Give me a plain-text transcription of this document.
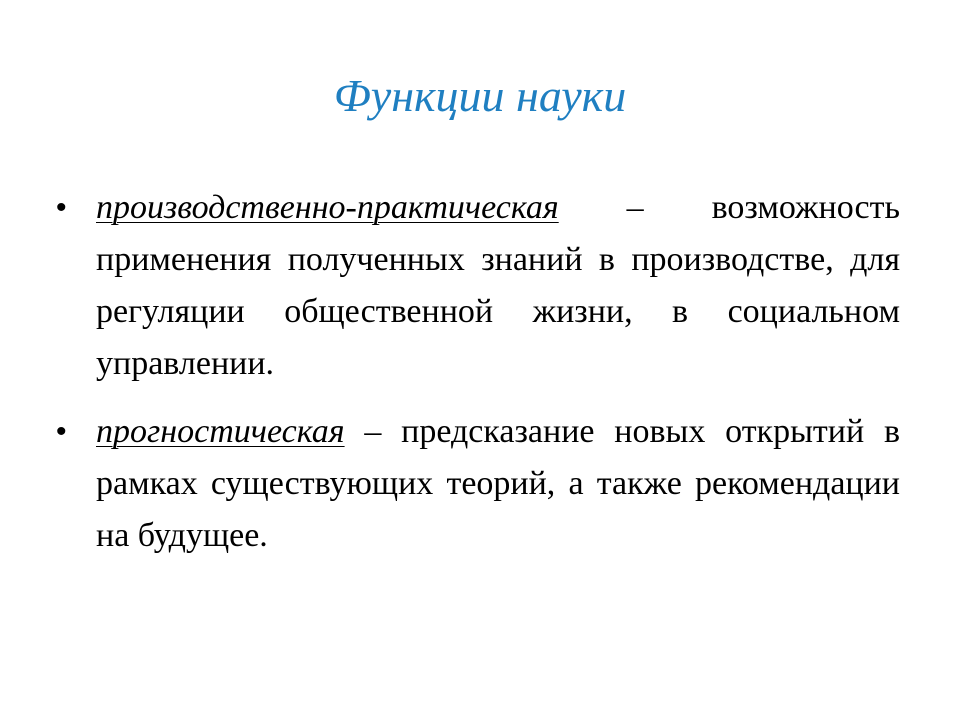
Функции науки
• производственно-практическая – возможность применения полученных знаний в производстве, для регуляции общественной жизни, в социальном управлении.
• прогностическая – предсказание новых открытий в рамках существующих теорий, а также рекомендации на будущее.
